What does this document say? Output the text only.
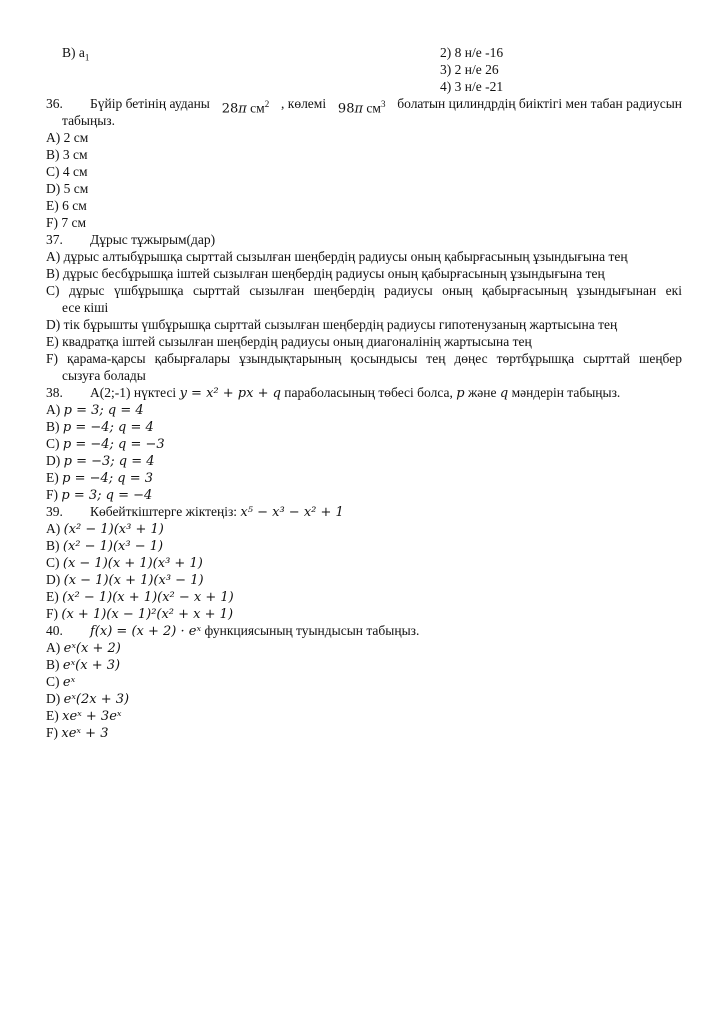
B) $a_1$	2) 8 н/е -16
3) 2 н/е 26
4) 3 н/е -21
36. Бүйір бетінің ауданы 28π $см^2$ , көлемі 98π $см^3$ болатын цилиндрдің биіктігі мен табан радиусын
табыңыз.
A) 2 см
B) 3 см
C) 4 см
D) 5 см
E) 6 см
F) 7 см
37. Дұрыс тұжырым(дар)
A) дұрыс алтыбұрышқа сырттай сызылған шеңбердің радиусы оның қабырғасының ұзындығына тең
B) дұрыс бесбұрышқа іштей сызылған шеңбердің радиусы оның қабырғасының ұзындығына тең
C) дұрыс үшбұрышқа сырттай сызылған шеңбердің радиусы оның қабырғасының ұзындығынан екі
есе кіші
D) тік бұрышты үшбұрышқа сырттай сызылған шеңбердің радиусы гипотенузаның жартысына тең
E) квадратқа іштей сызылған шеңбердің радиусы оның диагоналінің жартысына тең
F) қарама-қарсы қабырғалары ұзындықтарының қосындысы тең дөңес төртбұрышқа сырттай шеңбер
сызуға болады
38. A(2;-1) нүктесі y = x² + px + q параболасының төбесі болса, p және q мәндерін табыңыз.
A) p = 3; q = 4
B) p = −4; q = 4
C) p = −4; q = −3
D) p = −3; q = 4
E) p = −4; q = 3
F) p = 3; q = −4
39. Көбейткіштерге жіктеңіз: x⁵ − x³ − x² + 1
A) (x² − 1)(x³ + 1)
B) (x² − 1)(x³ − 1)
C) (x − 1)(x + 1)(x³ + 1)
D) (x − 1)(x + 1)(x³ − 1)
E) (x² − 1)(x + 1)(x² − x + 1)
F) (x + 1)(x − 1)²(x² + x + 1)
40. f(x) = (x + 2) · eˣ функциясының туындысын табыңыз.
A) eˣ(x + 2)
B) eˣ(x + 3)
C) eˣ
D) eˣ(2x + 3)
E) xeˣ + 3eˣ
F) xeˣ + 3
